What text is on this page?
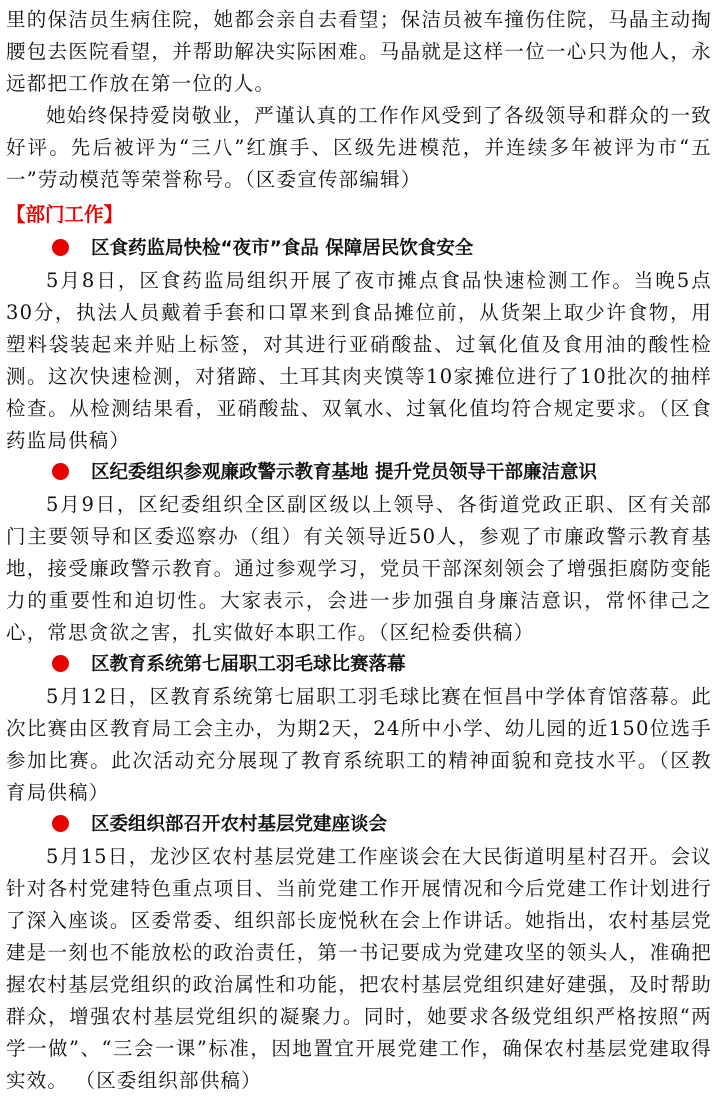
里的保洁员生病住院，她都会亲自去看望；保洁员被车撞伤住院，马晶主动掏腰包去医院看望，并帮助解决实际困难。马晶就是这样一位一心只为他人，永远都把工作放在第一位的人。

她始终保持爱岗敬业，严谨认真的工作作风受到了各级领导和群众的一致好评。先后被评为“三八”红旗手、区级先进模范，并连续多年被评为市“五一”劳动模范等荣誉称号。（区委宣传部编辑）

【部门工作】
区食药监局快检“夜市”食品 保障居民饮食安全

5月8日，区食药监局组织开展了夜市摊点食品快速检测工作。当晚5点30分，执法人员戴着手套和口罩来到食品摊位前，从货架上取少许食物，用塑料袋装起来并贴上标签，对其进行亚硝酸盐、过氧化值及食用油的酸性检测。这次快速检测，对猪蹄、土耳其肉夹馍等10家摊位进行了10批次的抽样检查。从检测结果看，亚硝酸盐、双氧水、过氧化值均符合规定要求。（区食药监局供稿）

区纪委组织参观廉政警示教育基地 提升党员领导干部廉洁意识

5月9日，区纪委组织全区副区级以上领导、各街道党政正职、区有关部门主要领导和区委巡察办（组）有关领导近50人，参观了市廉政警示教育基地，接受廉政警示教育。通过参观学习，党员干部深刻领会了增强拒腐防变能力的重要性和迫切性。大家表示，会进一步加强自身廉洁意识，常怀律己之心，常思贪欲之害，扎实做好本职工作。（区纪检委供稿）

区教育系统第七届职工羽毛球比赛落幕

5月12日，区教育系统第七届职工羽毛球比赛在恒昌中学体育馆落幕。此次比赛由区教育局工会主办，为期2天，24所中小学、幼儿园的近150位选手参加比赛。此次活动充分展现了教育系统职工的精神面貌和竞技水平。（区教育局供稿）

区委组织部召开农村基层党建座谈会

5月15日，龙沙区农村基层党建工作座谈会在大民街道明星村召开。会议针对各村党建特色重点项目、当前党建工作开展情况和今后党建工作计划进行了深入座谈。区委常委、组织部长庞悦秋在会上作讲话。她指出，农村基层党建是一刻也不能放松的政治责任，第一书记要成为党建攻坚的领头人，准确把握农村基层党组织的政治属性和功能，把农村基层党组织建好建强，及时帮助群众，增强农村基层党组织的凝聚力。同时，她要求各级党组织严格按照“两学一做”、“三会一课”标准，因地置宜开展党建工作，确保农村基层党建取得实效。 （区委组织部供稿）
